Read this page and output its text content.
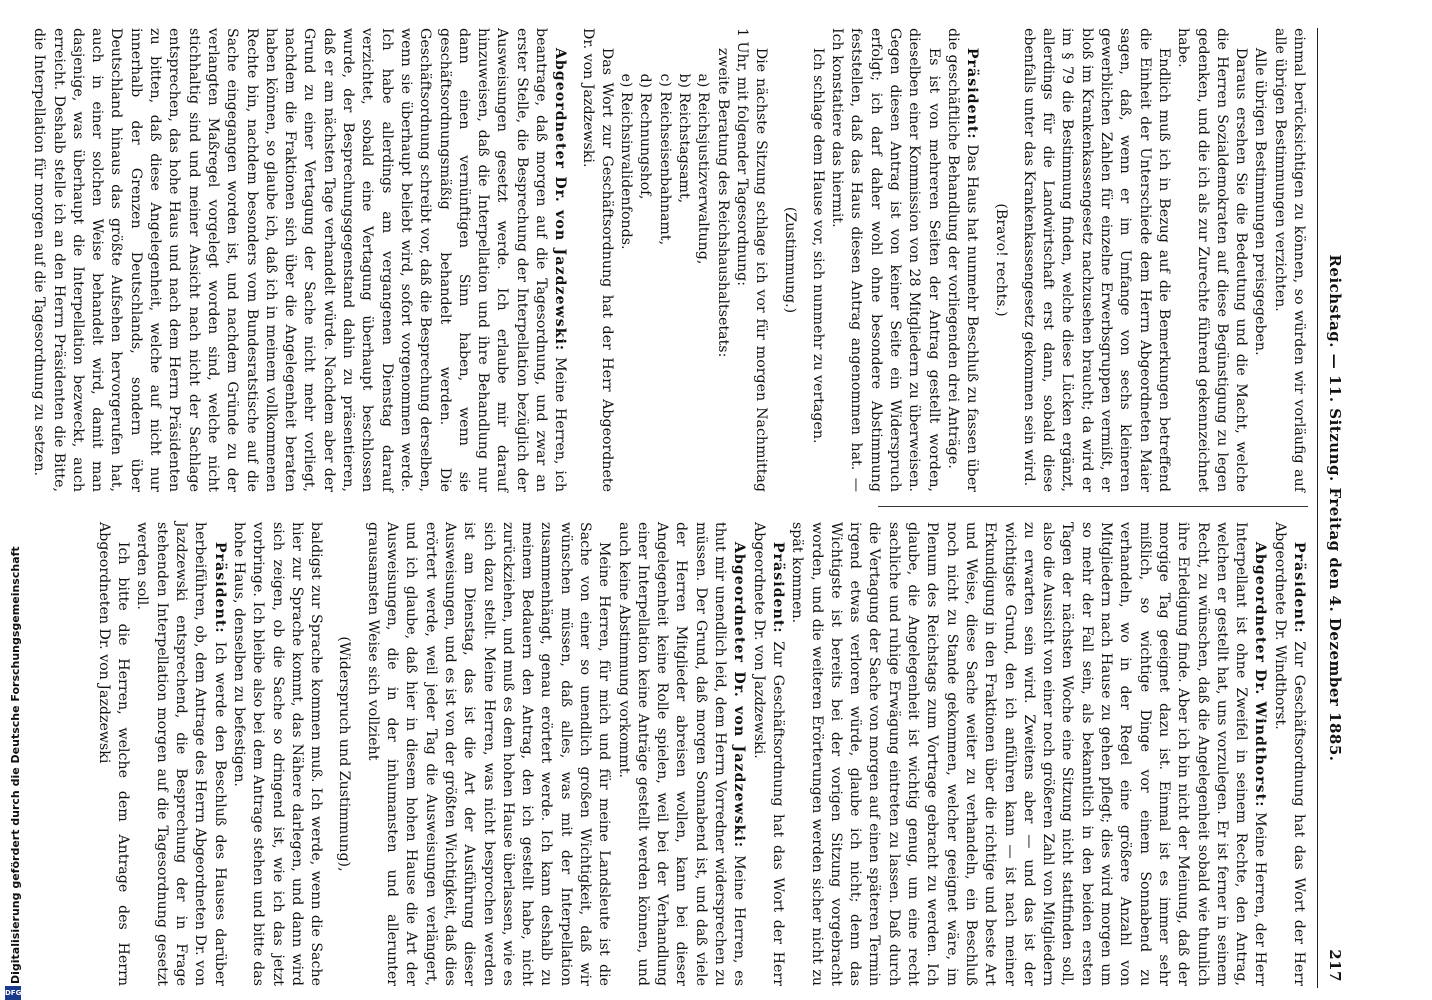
Reichstag. — 11. Sitzung. Freitag den 4. Dezember 1885.
217

einmal berücksichtigen zu können, so würden wir vorläufig auf alle übrigen Bestimmungen verzichten.

Alle übrigen Bestimmungen preisgegeben.

Daraus ersehen Sie die Bedeutung und die Macht, welche die Herren Sozialdemokraten auf diese Begünstigung zu legen gedenken, und die ich als zur Zurechte führend gekennzeichnet habe.

Endlich muß ich in Bezug auf die Bemerkungen betreffend die Einheit der Unterschiede dem Herrn Abgeordneten Maier sagen, daß, wenn er im Umfange von sechs kleineren gewerblichen Zahlen für einzelne Erwerbsgruppen vermißt, er bloß im Krankenkassengesetz nachzusehen braucht; da wird er im § 79 die Bestimmung finden, welche diese Lücken ergänzt, allerdings für die Landwirtschaft erst dann, sobald diese ebenfalls unter das Krankenkassengesetz gekommen sein wird.

(Bravo! rechts.)

Präsident: Das Haus hat nunmehr Beschluß zu fassen über die geschäftliche Behandlung der vorliegenden drei Anträge.

Es ist von mehreren Seiten der Antrag gestellt worden, dieselben einer Kommission von 28 Mitgliedern zu überweisen. Gegen diesen Antrag ist von keiner Seite ein Widerspruch erfolgt; ich darf daher wohl ohne besondere Abstimmung feststellen, daß das Haus diesen Antrag angenommen hat. — Ich konstatiere das hiermit.

Ich schlage dem Hause vor, sich nunmehr zu vertagen.

(Zustimmung.)

Die nächste Sitzung schlage ich vor für morgen Nachmittag 1 Uhr, mit folgender Tagesordnung:

zweite Beratung des Reichshaushaltsetats:

a) Reichsjustizverwaltung,

b) Reichstagsamt,

c) Reichseisenbahnamt,

d) Rechnungshof,

e) Reichsinvalidenfonds.

Das Wort zur Geschäftsordnung hat der Herr Abgeordnete Dr. von Jazdzewski.

Abgeordneter Dr. von Jazdzewski: Meine Herren, ich beantrage, daß morgen auf die Tagesordnung, und zwar an erster Stelle, die Besprechung der Interpellation bezüglich der Ausweisungen gesetzt werde. Ich erlaube mir darauf hinzuweisen, daß die Interpellation und ihre Behandlung nur dann einen vernünftigen Sinn haben, wenn sie geschäftsordnungsmäßig behandelt werden. Die Geschäftsordnung schreibt vor, daß die Besprechung derselben, wenn sie überhaupt beliebt wird, sofort vorgenommen werde. Ich habe allerdings am vergangenen Dienstag darauf verzichtet, sobald eine Vertagung überhaupt beschlossen wurde, der Besprechungsgegenstand dahin zu präsentieren, daß er am nächsten Tage verhandelt würde. Nachdem aber der Grund zu einer Vertagung der Sache nicht mehr vorliegt, nachdem die Fraktionen sich über die Angelegenheit beraten haben können, so glaube ich, daß ich in meinem vollkommenen Rechte bin, nachdem besonders vom Bundesratstische auf die Sache eingegangen worden ist, und nachdem Gründe zu der verlangten Maßregel vorgelegt worden sind, welche nicht stichhaltig sind und meiner Ansicht nach nicht der Sachlage entsprechen, das hohe Haus und nach dem Herrn Präsidenten zu bitten, daß diese Angelegenheit, welche auf nicht nur innerhalb der Grenzen Deutschlands, sondern über Deutschland hinaus das größte Aufsehen hervorgerufen hat, auch in einer solchen Weise behandelt wird, damit man dasjenige, was überhaupt die Interpellation bezweckt, auch erreicht. Deshalb stelle ich an den Herrn Präsidenten die Bitte, die Interpellation für morgen auf die Tagesordnung zu setzen.

Präsident: Zur Geschäftsordnung hat das Wort der Herr Abgeordnete Dr. Windthorst.

Abgeordneter Dr. Windthorst: Meine Herren, der Herr Interpellant ist ohne Zweifel in seinem Rechte, den Antrag, welchen er gestellt hat, uns vorzulegen. Er ist ferner in seinem Recht, zu wünschen, daß die Angelegenheit sobald wie thunlich ihre Erledigung finde. Aber ich bin nicht der Meinung, daß der morgige Tag geeignet dazu ist. Einmal ist es immer sehr mißlich, so wichtige Dinge vor einem Sonnabend zu verhandeln, wo in der Regel eine größere Anzahl von Mitgliedern nach Hause zu gehen pflegt; dies wird morgen um so mehr der Fall sein, als bekanntlich in den beiden ersten Tagen der nächsten Woche eine Sitzung nicht stattfinden soll, also die Aussicht von einer noch größeren Zahl von Mitgliedern zu erwarten sein wird. Zweitens aber — und das ist der wichtigste Grund, den ich anführen kann — ist nach meiner Erkundigung in den Fraktionen über die richtige und beste Art und Weise, diese Sache weiter zu verhandeln, ein Beschluß noch nicht zu Stande gekommen, welcher geeignet wäre, im Plenum des Reichstags zum Vortrage gebracht zu werden. Ich glaube, die Angelegenheit ist wichtig genug, um eine recht sachliche und ruhige Erwägung eintreten zu lassen. Daß durch die Vertagung der Sache von morgen auf einen späteren Termin irgend etwas verloren würde, glaube ich nicht; denn das Wichtigste ist bereits bei der vorigen Sitzung vorgebracht worden, und die weiteren Erörterungen werden sicher nicht zu spät kommen.

Präsident: Zur Geschäftsordnung hat das Wort der Herr Abgeordnete Dr. von Jazdzewski.

Abgeordneter Dr. von Jazdzewski: Meine Herren, es thut mir unendlich leid, dem Herrn Vorredner widersprechen zu müssen. Der Grund, daß morgen Sonnabend ist, und daß viele der Herren Mitglieder abreisen wollen, kann bei dieser Angelegenheit keine Rolle spielen, weil bei der Verhandlung einer Interpellation keine Anträge gestellt werden können, und auch keine Abstimmung vorkommt.

Meine Herren, für mich und für meine Landsleute ist die Sache von einer so unendlich großen Wichtigkeit, daß wir wünschen müssen, daß alles, was mit der Interpellation zusammenhängt, genau erörtert werde. Ich kann deshalb zu meinem Bedauern den Antrag, den ich gestellt habe, nicht zurückziehen, und muß es dem hohen Hause überlassen, wie es sich dazu stellt. Meine Herren, was nicht besprochen werden ist am Dienstag, das ist die Art der Ausführung dieser Ausweisungen, und es ist von der größten Wichtigkeit, daß dies erörtert werde, weil jeder Tag die Ausweisungen verlängert, und ich glaube, daß hier in diesem hohen Hause die Art der Ausweisungen, die in der inhumansten und allerunter grausamsten Weise sich vollzieht

(Widerspruch und Zustimmung),

baldigst zur Sprache kommen muß. Ich werde, wenn die Sache hier zur Sprache kommt, das Nähere darlegen, und dann wird sich zeigen, ob die Sache so dringend ist, wie ich das jetzt vorbringe. Ich bleibe also bei dem Antrage stehen und bitte das hohe Haus, denselben zu befestigen.

Präsident: Ich werde den Beschluß des Hauses darüber herbeiführen, ob, dem Antrage des Herrn Abgeordneten Dr. von Jazdzewski entsprechend, die Besprechung der in Frage stehenden Interpellation morgen auf die Tagesordnung gesetzt werden soll.

Ich bitte die Herren, welche dem Antrage des Herrn Abgeordneten Dr. von Jazdzewski

Digitalisierung gefördert durch die Deutsche Forschungsgemeinschaft
DFG
